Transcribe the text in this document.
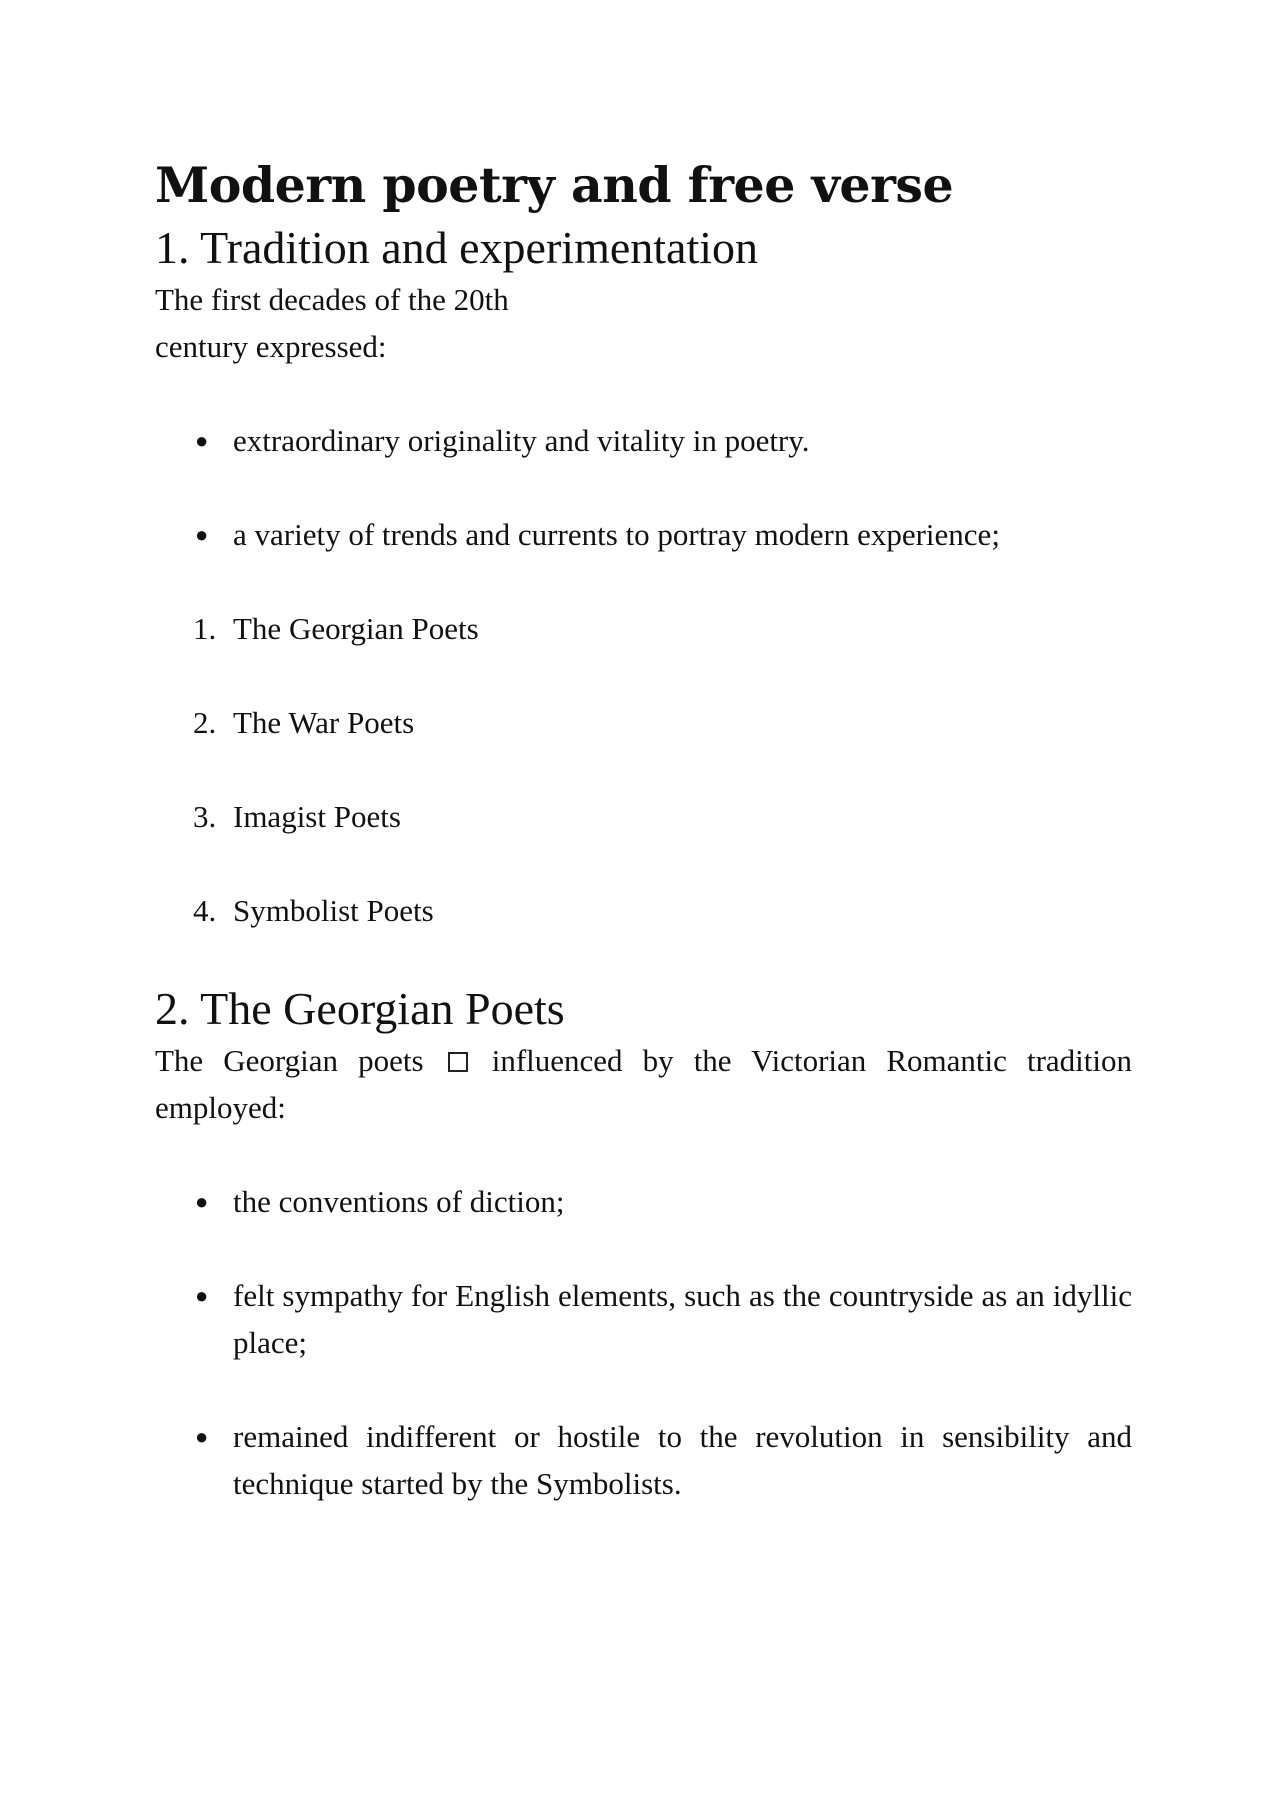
Modern poetry and free verse
1. Tradition and experimentation

The first decades of the 20th
century expressed:

● extraordinary originality and vitality in poetry.
● a variety of trends and currents to portray modern experience;
1. The Georgian Poets
2. The War Poets
3. Imagist Poets
4. Symbolist Poets
2. The Georgian Poets

The Georgian poets influenced by the Victorian Romantic tradition employed:

● the conventions of diction;
● felt sympathy for English elements, such as the countryside as an idyllic place;
● remained indifferent or hostile to the revolution in sensibility and technique started by the Symbolists.
